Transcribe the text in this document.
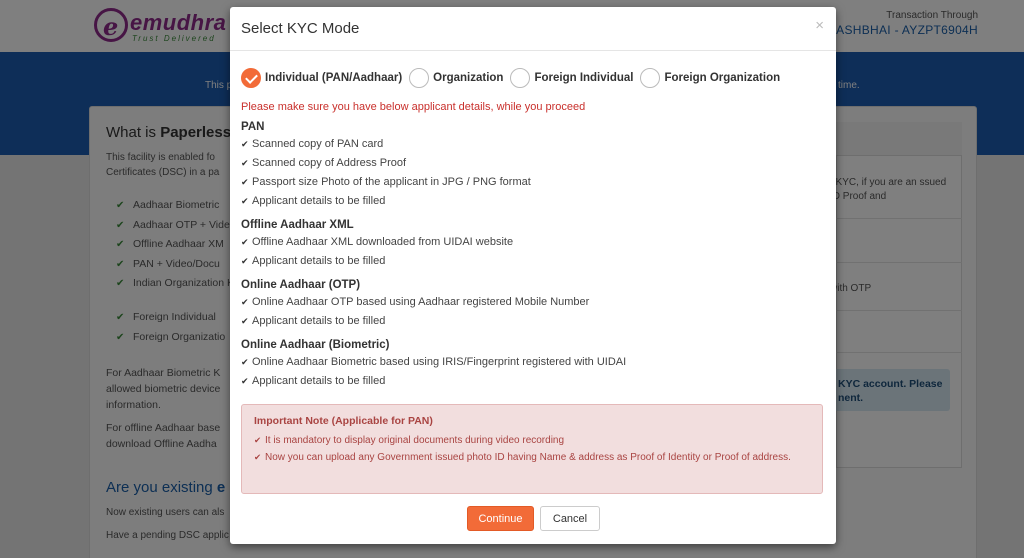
✔
✔
✔
✔
✔
✔
✔
Select KYC Mode	×
Individual (PAN/Aadhaar)	Organization	Foreign Individual	Foreign Organization
Please make sure you have below applicant details, while you proceed
PAN
✔ Scanned copy of PAN card
✔ Scanned copy of Address Proof
✔ Passport size Photo of the applicant in JPG / PNG format
✔ Applicant details to be filled
Offline Aadhaar XML
✔ Offline Aadhaar XML downloaded from UIDAI website
✔ Applicant details to be filled
Online Aadhaar (OTP)
✔ Online Aadhaar OTP based using Aadhaar registered Mobile Number
✔ Applicant details to be filled
Online Aadhaar (Biometric)
✔ Online Aadhaar Biometric based using IRIS/Fingerprint registered with UIDAI
✔ Applicant details to be filled
Important Note (Applicable for PAN)
✔ It is mandatory to display original documents during video recording
✔ Now you can upload any Government issued photo ID having Name & address as Proof of Identity or Proof of address.
Continue	Cancel
